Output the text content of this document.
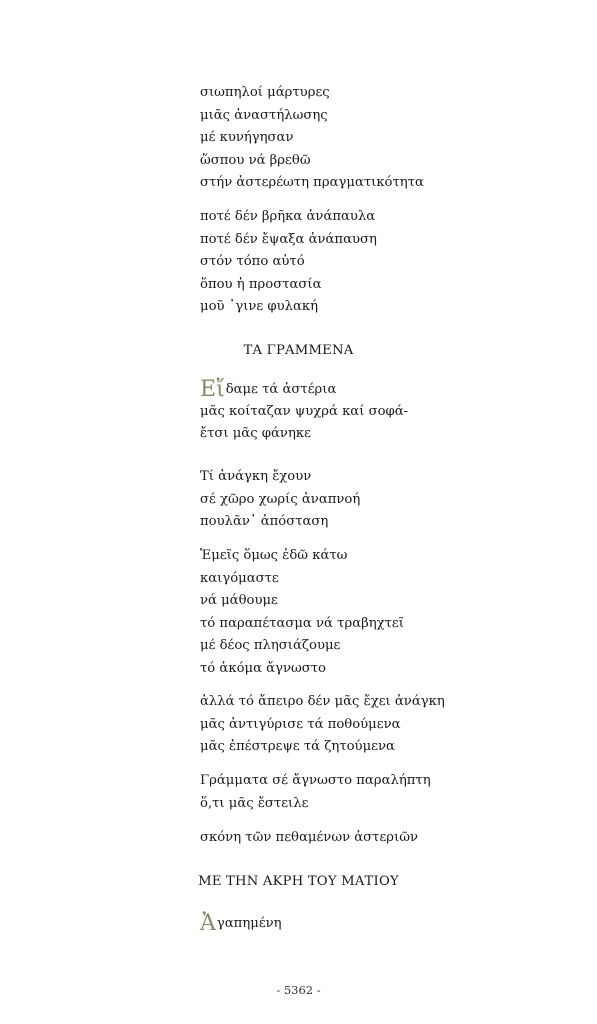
σιωπηλοί μάρτυρες
μιᾶς ἀναστήλωσης
μέ κυνήγησαν
ὥσπου νά βρεθῶ
στήν ἀστερέωτη πραγματικότητα
ποτέ δέν βρῆκα ἀνάπαυλα
ποτέ δέν ἔψαξα ἀνάπαυση
στόν τόπο αὐτό
ὅπου ἡ προστασία
μοῦ ᾿γινε φυλακή
ΤΑ ΓΡΑΜΜΕΝΑ
Εἴ δαμε τά ἀστέρια
μᾶς κοίταζαν ψυχρά καί σοφά-
ἔτσι μᾶς φάνηκε
Τί ἀνάγκη ἔχουν
σέ χῶρο χωρίς ἀναπνοή
πουλᾶν᾿ ἀπόσταση
Ἐμεῖς ὅμως ἐδῶ κάτω
καιγόμαστε
νά μάθουμε
τό παραπέτασμα νά τραβηχτεῖ
μέ δέος πλησιάζουμε
τό ἀκόμα ἄγνωστο
ἀλλά τό ἄπειρο δέν μᾶς ἔχει ἀνάγκη
μᾶς ἀντιγύρισε τά ποθούμενα
μᾶς ἐπέστρεψε τά ζητούμενα
Γράμματα σέ ἄγνωστο παραλήπτη
ὅ,τι μᾶς ἔστειλε
σκόνη τῶν πεθαμένων ἀστεριῶν
ΜΕ ΤΗΝ ΑΚΡΗ ΤΟΥ ΜΑΤΙΟΥ
Ἀ γαπημένη
- 5362 -
